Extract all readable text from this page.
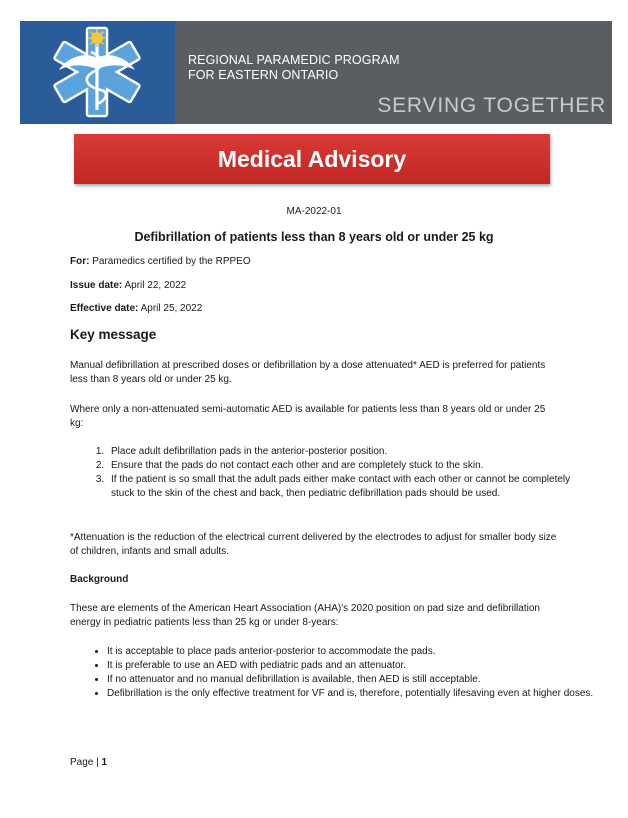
REGIONAL PARAMEDIC PROGRAM
FOR EASTERN ONTARIO
SERVING TOGETHER
Medical Advisory
MA-2022-01
Defibrillation of patients less than 8 years old or under 25 kg
For: Paramedics certified by the RPPEO
Issue date: April 22, 2022
Effective date: April 25, 2022
Key message
Manual defibrillation at prescribed doses or defibrillation by a dose attenuated* AED is preferred for patients less than 8 years old or under 25 kg.
Where only a non-attenuated semi-automatic AED is available for patients less than 8 years old or under 25 kg:
1. Place adult defibrillation pads in the anterior-posterior position.
2. Ensure that the pads do not contact each other and are completely stuck to the skin.
3. If the patient is so small that the adult pads either make contact with each other or cannot be completely stuck to the skin of the chest and back, then pediatric defibrillation pads should be used.
*Attenuation is the reduction of the electrical current delivered by the electrodes to adjust for smaller body size of children, infants and small adults.
Background
These are elements of the American Heart Association (AHA)'s 2020 position on pad size and defibrillation energy in pediatric patients less than 25 kg or under 8-years:
• It is acceptable to place pads anterior-posterior to accommodate the pads.
• It is preferable to use an AED with pediatric pads and an attenuator.
• If no attenuator and no manual defibrillation is available, then AED is still acceptable.
• Defibrillation is the only effective treatment for VF and is, therefore, potentially lifesaving even at higher doses.
Page | 1
